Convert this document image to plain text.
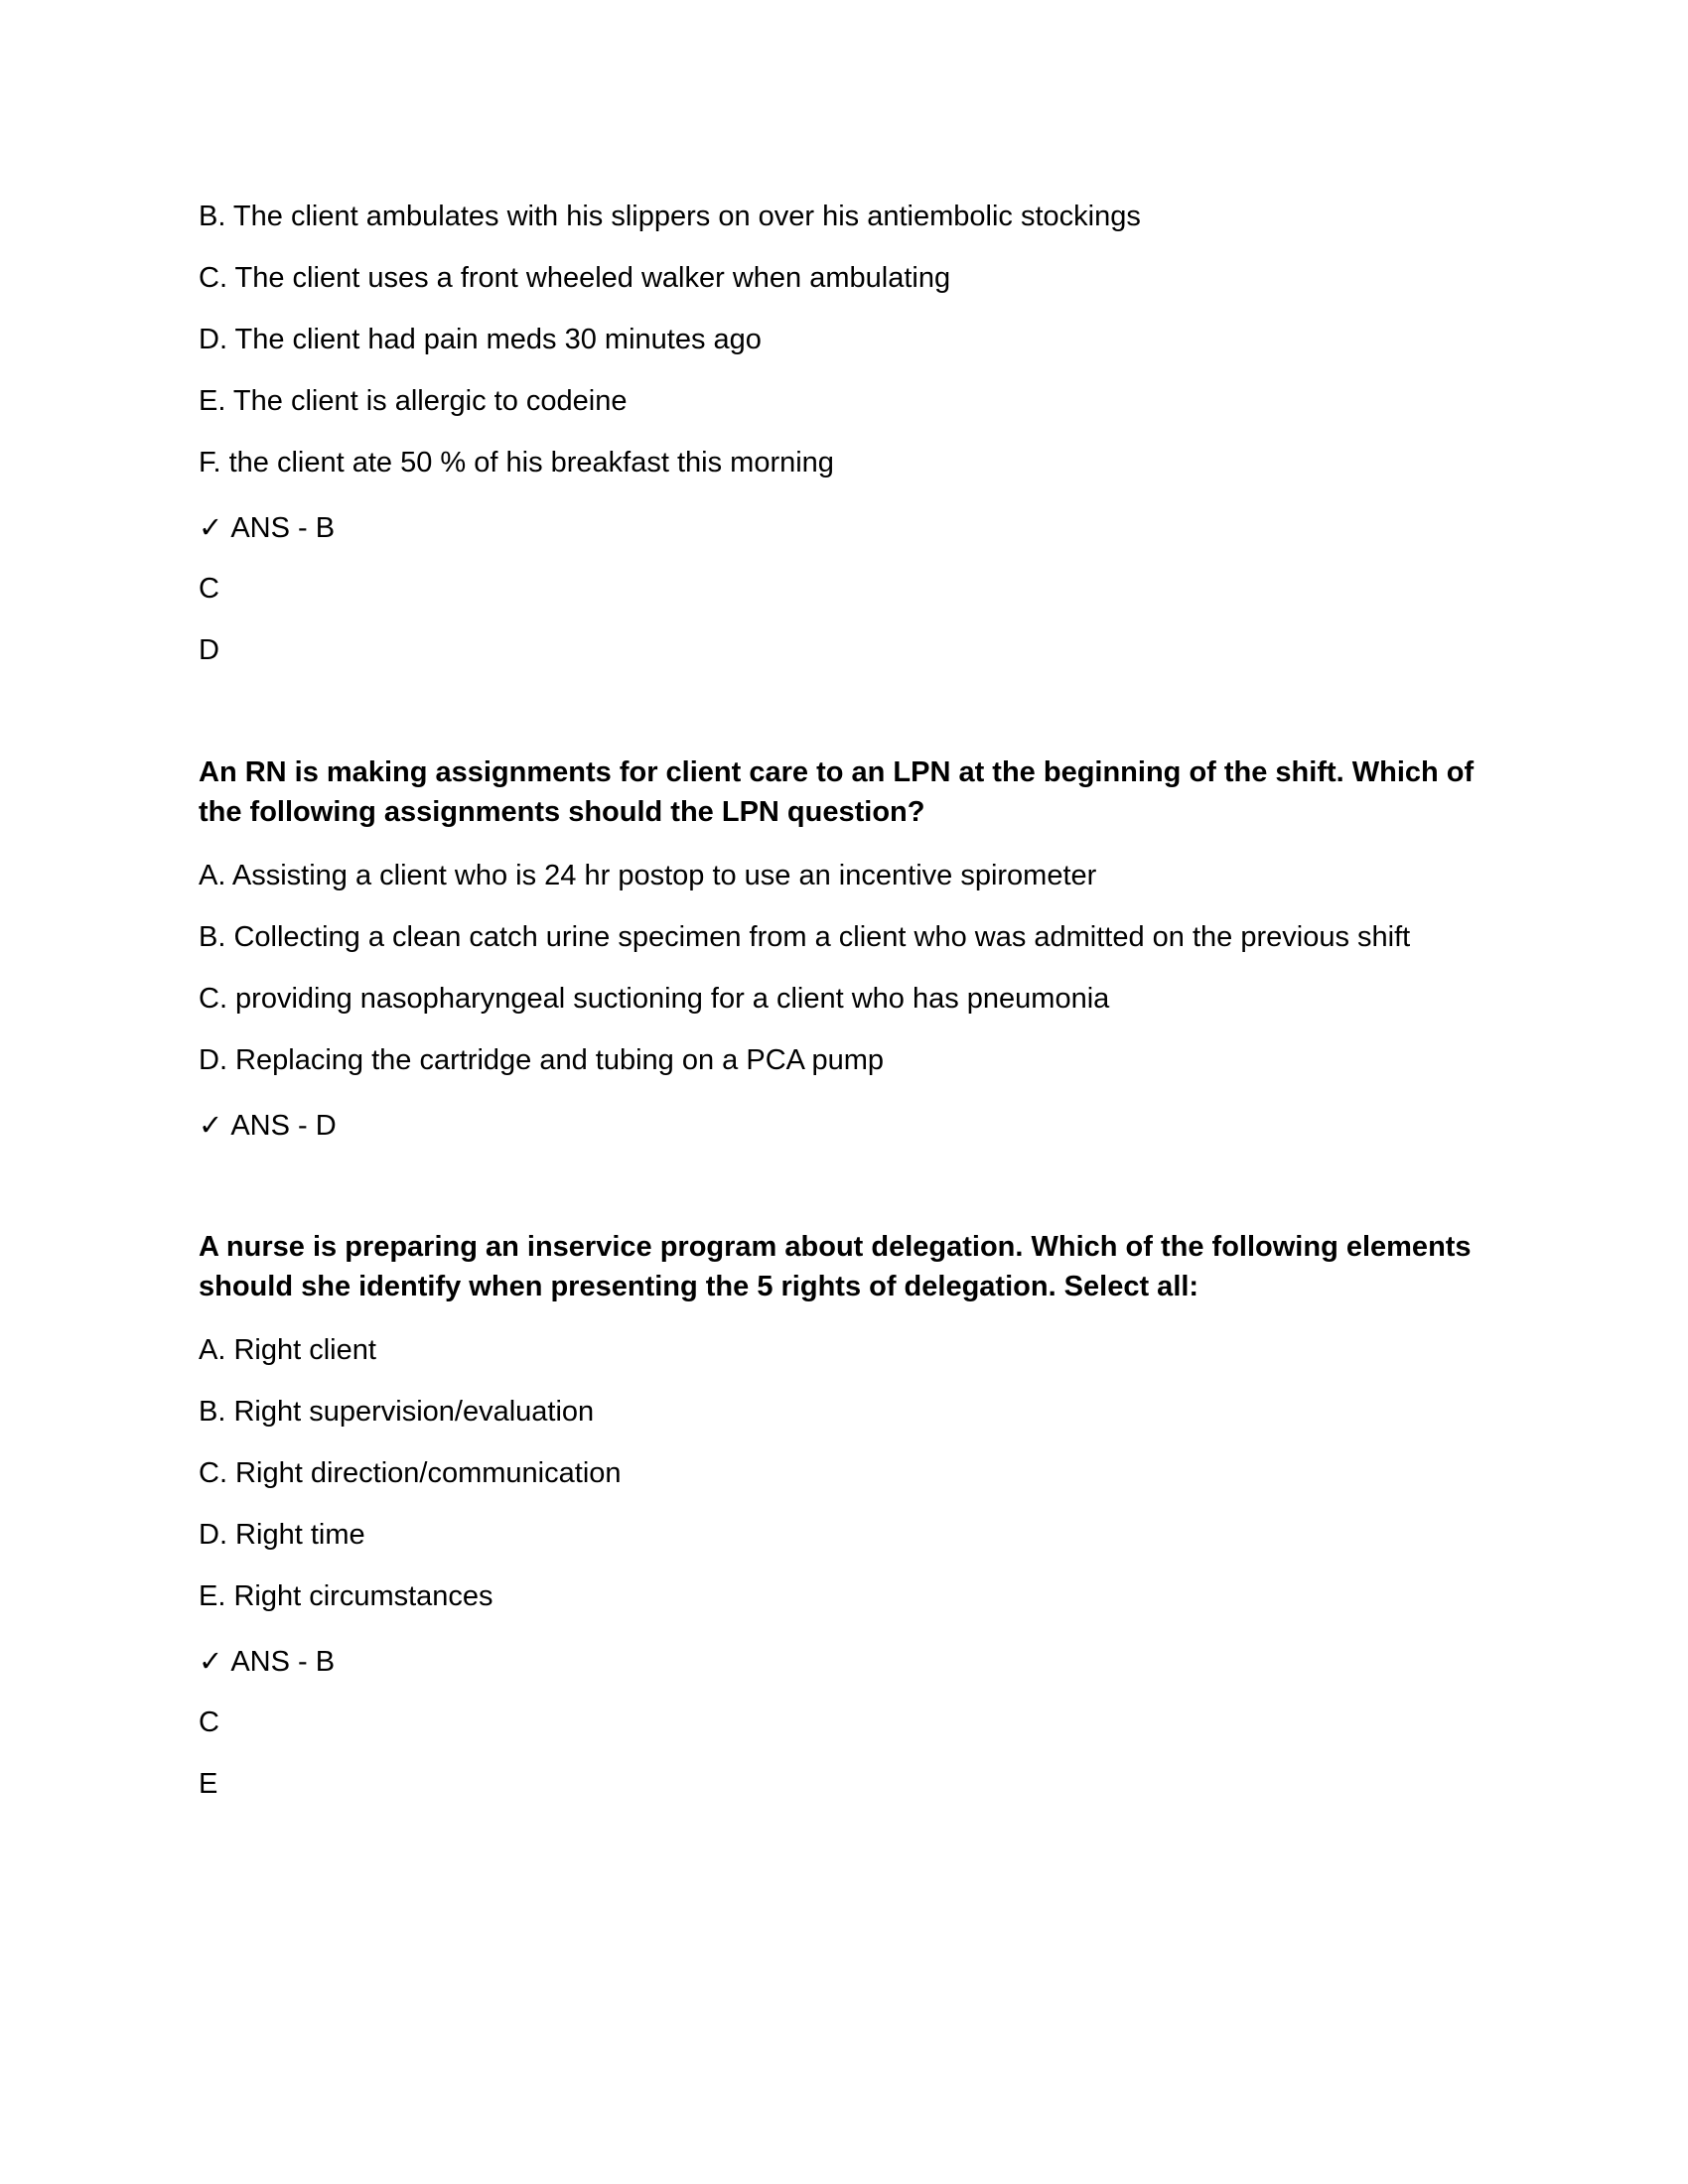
B. The client ambulates with his slippers on over his antiembolic stockings
C. The client uses a front wheeled walker when ambulating
D. The client had pain meds 30 minutes ago
E. The client is allergic to codeine
F. the client ate 50 % of his breakfast this morning
✓ ANS - B
C
D
An RN is making assignments for client care to an LPN at the beginning of the shift. Which of the following assignments should the LPN question?
A. Assisting a client who is 24 hr postop to use an incentive spirometer
B. Collecting a clean catch urine specimen from a client who was admitted on the previous shift
C. providing nasopharyngeal suctioning for a client who has pneumonia
D. Replacing the cartridge and tubing on a PCA pump
✓ ANS - D
A nurse is preparing an inservice program about delegation. Which of the following elements should she identify when presenting the 5 rights of delegation. Select all:
A. Right client
B. Right supervision/evaluation
C. Right direction/communication
D. Right time
E. Right circumstances
✓ ANS - B
C
E
